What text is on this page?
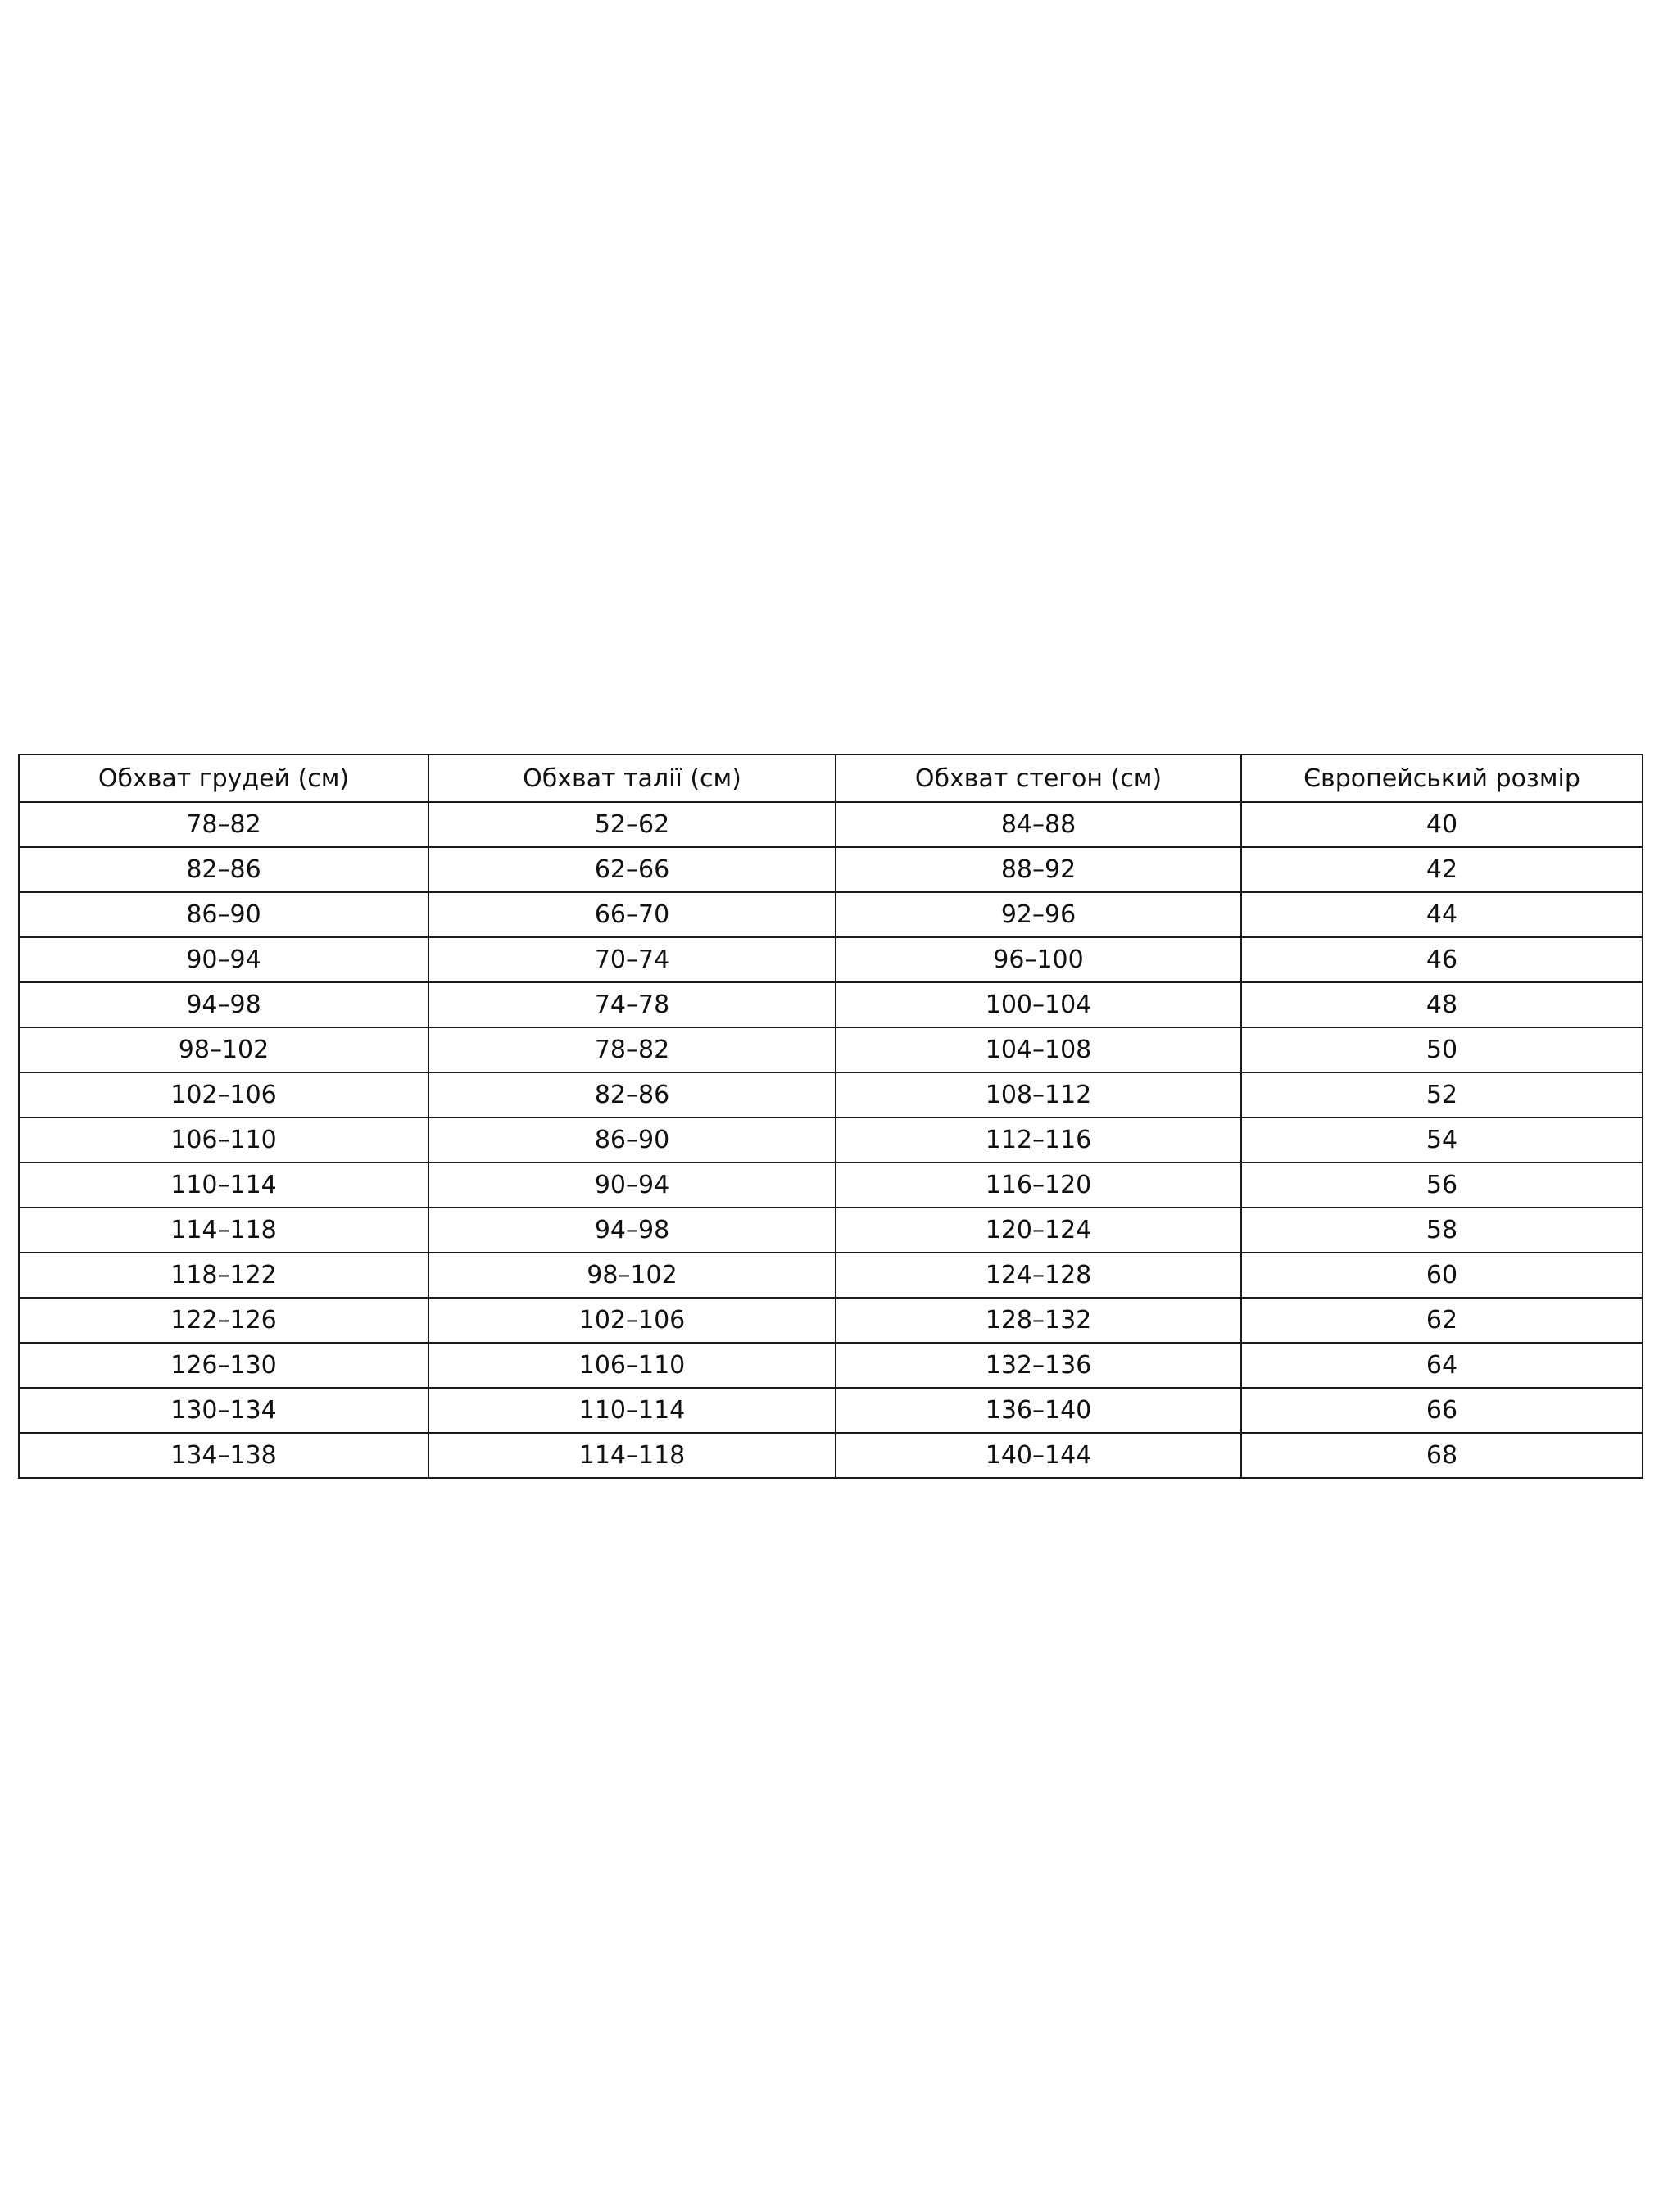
Обхват грудей (см)	Обхват талії (см)	Обхват стегон (см)	Європейський розмір
78–82	52–62	84–88	40
82–86	62–66	88–92	42
86–90	66–70	92–96	44
90–94	70–74	96–100	46
94–98	74–78	100–104	48
98–102	78–82	104–108	50
102–106	82–86	108–112	52
106–110	86–90	112–116	54
110–114	90–94	116–120	56
114–118	94–98	120–124	58
118–122	98–102	124–128	60
122–126	102–106	128–132	62
126–130	106–110	132–136	64
130–134	110–114	136–140	66
134–138	114–118	140–144	68
